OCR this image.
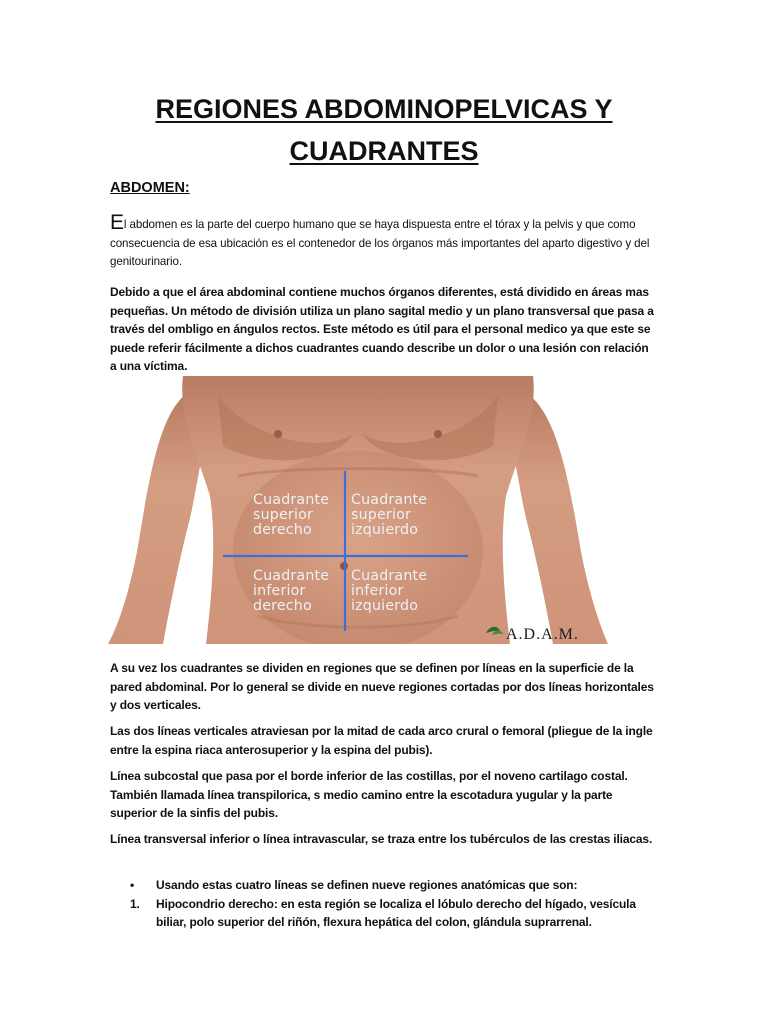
REGIONES ABDOMINOPELVICAS Y
CUADRANTES
ABDOMEN:
El abdomen es la parte del cuerpo humano que se haya dispuesta entre el tórax y la pelvis y que como consecuencia de esa ubicación es el contenedor de los órganos más importantes del aparto digestivo y del genitourinario.
Debido a que el área abdominal contiene muchos órganos diferentes, está dividido en áreas mas pequeñas. Un método de división utiliza un plano sagital medio y un plano transversal que pasa a través del ombligo en ángulos rectos. Este método es útil para el personal medico ya que este se puede referir fácilmente a dichos cuadrantes cuando describe un dolor o una lesión con relación a una víctima.
Cuadrante superior derecho
Cuadrante superior izquierdo
Cuadrante inferior derecho
Cuadrante inferior izquierdo
A.D.A.M.
A su vez los cuadrantes se dividen en regiones que se definen por líneas en la superficie de la pared abdominal. Por lo general se divide en nueve regiones cortadas por dos líneas horizontales y dos verticales.
Las dos líneas verticales atraviesan por la mitad de cada arco crural o femoral (pliegue de la ingle entre la espina riaca anterosuperior y la espina del pubis).
Línea subcostal que pasa por el borde inferior de las costillas, por el noveno cartilago costal. También llamada línea transpilorica, s medio camino entre la escotadura yugular y la parte superior de la sinfis del pubis.
Línea transversal inferior o línea intravascular, se traza entre los tubérculos de las crestas iliacas.
• Usando estas cuatro líneas se definen nueve regiones anatómicas que son:
1. Hipocondrio derecho: en esta región se localiza el lóbulo derecho del hígado, vesícula biliar, polo superior del riñón, flexura hepática del colon, glándula suprarrenal.
